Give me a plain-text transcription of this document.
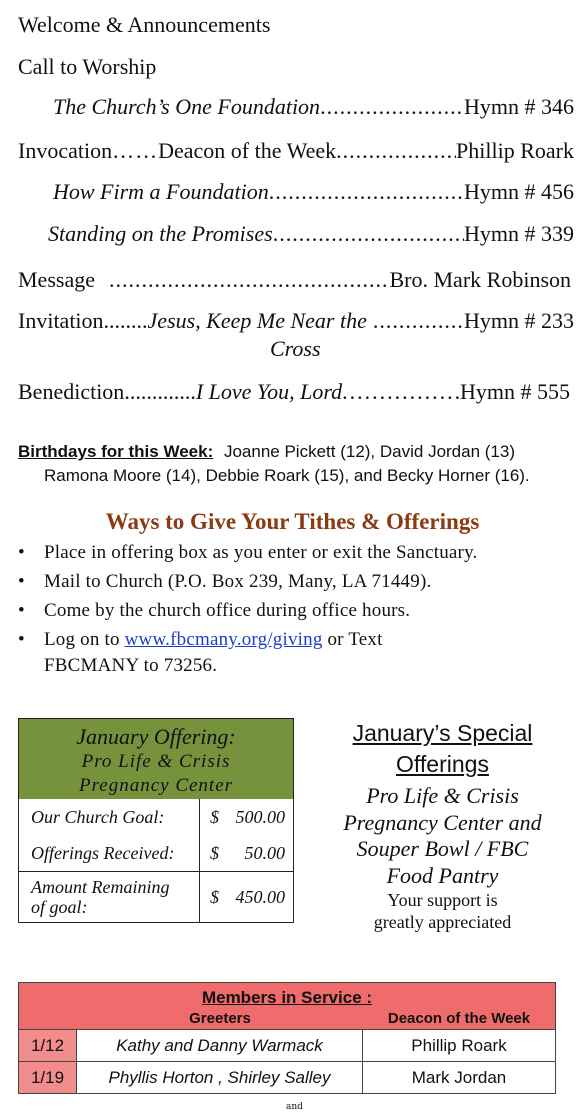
Welcome & Announcements
Call to Worship
The Church’s One Foundation .....	Hymn # 346
Invocation …… Deacon of the Week .....	Phillip Roark
How Firm a Foundation .....	Hymn # 456
Standing on the Promises .....	Hymn # 339
Message .....	Bro. Mark Robinson
Invitation ........ Jesus, Keep Me Near the .....	Hymn # 233
Cross
Benediction ............. I Love You, Lord .....	Hymn # 555
Birthdays for this Week: Joanne Pickett (12), David Jordan (13)
Ramona Moore (14), Debbie Roark (15), and Becky Horner (16).
Ways to Give Your Tithes & Offerings
• Place in offering box as you enter or exit the Sanctuary.
• Mail to Church (P.O. Box 239, Many, LA 71449).
• Come by the church office during office hours.
• Log on to www.fbcmany.org/giving or Text
FBCMANY to 73256.
January Offering:
Pro Life & Crisis
Pregnancy Center		

Our Church Goal:	$	500.00
Offerings Received:	$	50.00
Amount Remaining
of goal:	$	450.00
January’s Special
Offerings
Pro Life & Crisis
Pregnancy Center and
Souper Bowl / FBC
Food Pantry
Your support is
greatly appreciated
Members in Service :
Greeters	Deacon of the Week
1/12	Kathy and Danny Warmack	Phillip Roark
1/19	Phyllis Horton , Shirley Salley	Mark Jordan
and
